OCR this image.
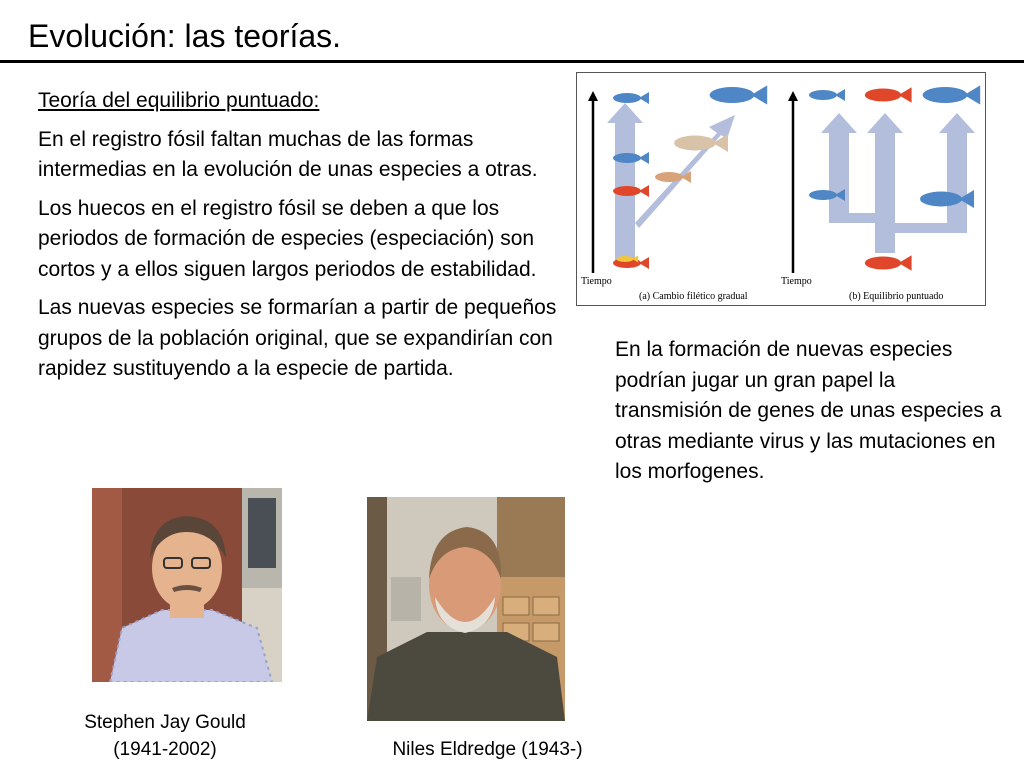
Evolución: las teorías.

Teoría del equilibrio puntuado:

En el registro fósil faltan muchas de las formas intermedias en la evolución de unas especies a otras.

Los huecos en el registro fósil se deben a que los periodos de formación de especies (especiación) son cortos y a ellos siguen largos periodos de estabilidad.

Las nuevas especies se formarían a partir de pequeños grupos de la población original, que se expandirían con rapidez sustituyendo a la especie de partida.

En la formación de nuevas especies podrían jugar un gran papel la transmisión de genes de unas especies a otras mediante virus y las mutaciones en los morfogenes.
Tiempo
(a) Cambio filético gradual
Tiempo
(b) Equilibrio puntuado
Stephen Jay Gould
(1941-2002)	Niles Eldredge (1943-)
